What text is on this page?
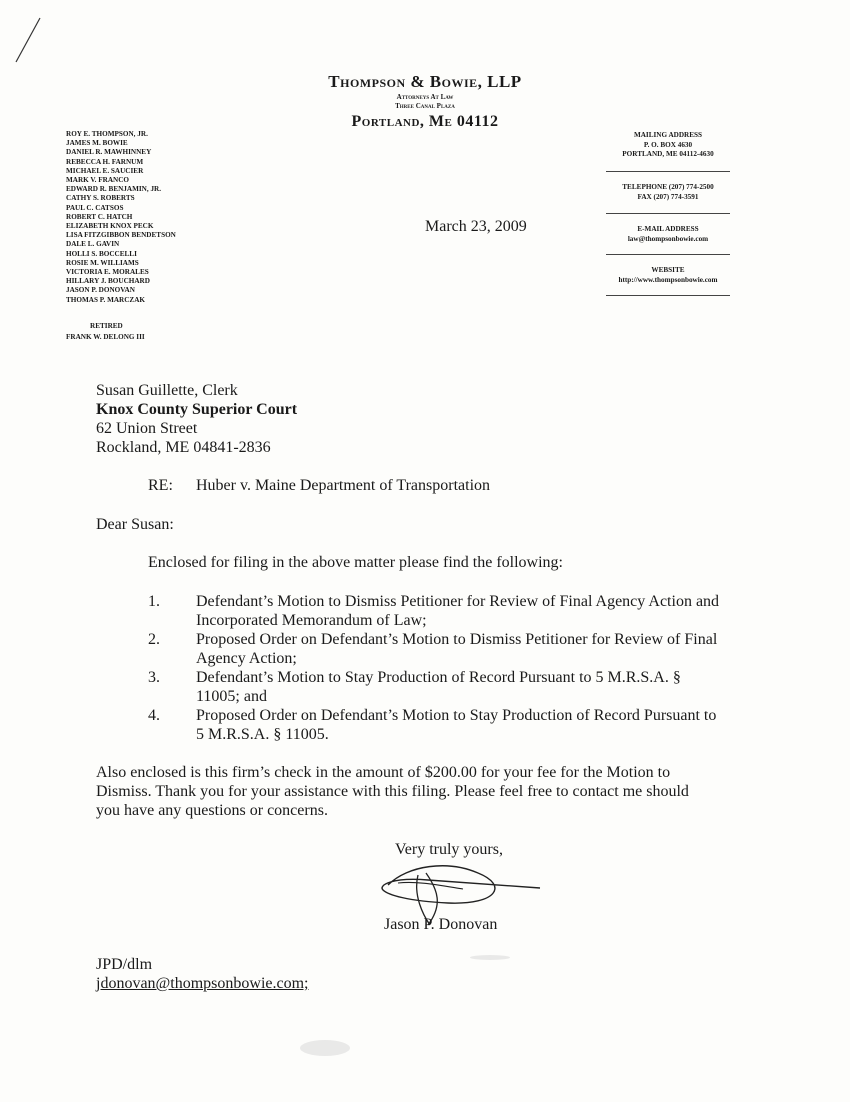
Thompson & Bowie, LLP
Attorneys At Law
Three Canal Plaza
Portland, Me 04112
ROY E. THOMPSON, JR.
JAMES M. BOWIE
DANIEL R. MAWHINNEY
REBECCA H. FARNUM
MICHAEL E. SAUCIER
MARK V. FRANCO
EDWARD R. BENJAMIN, JR.
CATHY S. ROBERTS
PAUL C. CATSOS
ROBERT C. HATCH
ELIZABETH KNOX PECK
LISA FITZGIBBON BENDETSON
DALE L. GAVIN
HOLLI S. BOCCELLI
ROSIE M. WILLIAMS
VICTORIA E. MORALES
HILLARY J. BOUCHARD
JASON P. DONOVAN
THOMAS P. MARCZAK
RETIRED
FRANK W. DELONG III
MAILING ADDRESS
P. O. BOX 4630
PORTLAND, ME 04112-4630
TELEPHONE (207) 774-2500
FAX (207) 774-3591
E-MAIL ADDRESS
law@thompsonbowie.com
WEBSITE
http://www.thompsonbowie.com
March 23, 2009
Susan Guillette, Clerk
Knox County Superior Court
62 Union Street
Rockland, ME 04841-2836
RE: Huber v. Maine Department of Transportation
Dear Susan:
Enclosed for filing in the above matter please find the following:
1. Defendant’s Motion to Dismiss Petitioner for Review of Final Agency Action and
Incorporated Memorandum of Law;
2. Proposed Order on Defendant’s Motion to Dismiss Petitioner for Review of Final
Agency Action;
3. Defendant’s Motion to Stay Production of Record Pursuant to 5 M.R.S.A. §
11005; and
4. Proposed Order on Defendant’s Motion to Stay Production of Record Pursuant to
5 M.R.S.A. § 11005.
Also enclosed is this firm’s check in the amount of $200.00 for your fee for the Motion to
Dismiss. Thank you for your assistance with this filing. Please feel free to contact me should
you have any questions or concerns.
Very truly yours,
Jason P. Donovan
JPD/dlm
jdonovan@thompsonbowie.com;
